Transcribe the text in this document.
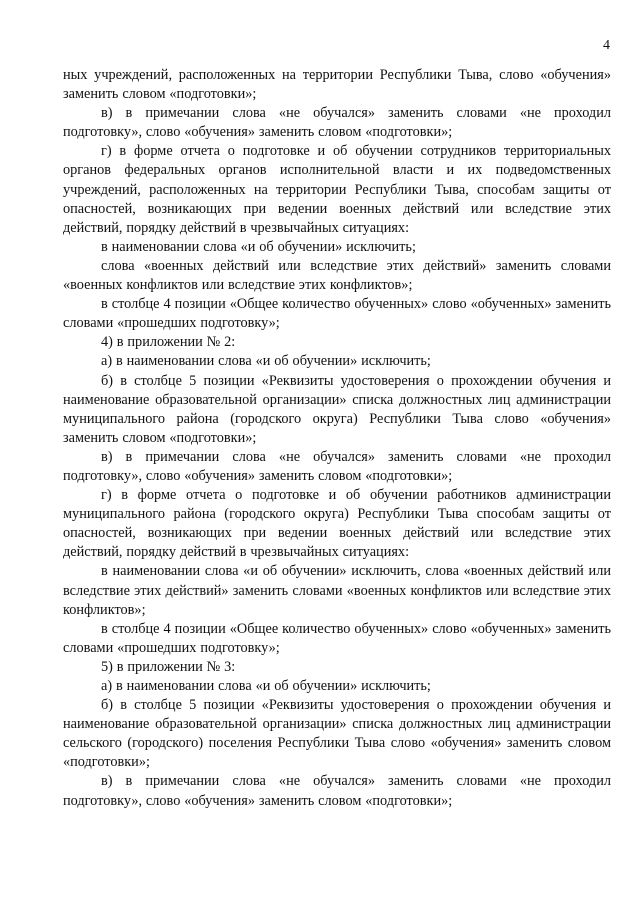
4

ных учреждений, расположенных на территории Республики Тыва, слово «обучения» заменить словом «подготовки»;

в) в примечании слова «не обучался» заменить словами «не проходил подготовку», слово «обучения» заменить словом «подготовки»;

г) в форме отчета о подготовке и об обучении сотрудников территориальных органов федеральных органов исполнительной власти и их подведомственных учреждений, расположенных на территории Республики Тыва, способам защиты от опасностей, возникающих при ведении военных действий или вследствие этих действий, порядку действий в чрезвычайных ситуациях:

в наименовании слова «и об обучении» исключить;

слова «военных действий или вследствие этих действий» заменить словами «военных конфликтов или вследствие этих конфликтов»;

в столбце 4 позиции «Общее количество обученных» слово «обученных» заменить словами «прошедших подготовку»;

4) в приложении № 2:

а) в наименовании слова «и об обучении» исключить;

б) в столбце 5 позиции «Реквизиты удостоверения о прохождении обучения и наименование образовательной организации» списка должностных лиц администрации муниципального района (городского округа) Республики Тыва слово «обучения» заменить словом «подготовки»;

в) в примечании слова «не обучался» заменить словами «не проходил подготовку», слово «обучения» заменить словом «подготовки»;

г) в форме отчета о подготовке и об обучении работников администрации муниципального района (городского округа) Республики Тыва способам защиты от опасностей, возникающих при ведении военных действий или вследствие этих действий, порядку действий в чрезвычайных ситуациях:

в наименовании слова «и об обучении» исключить, слова «военных действий или вследствие этих действий» заменить словами «военных конфликтов или вследствие этих конфликтов»;

в столбце 4 позиции «Общее количество обученных» слово «обученных» заменить словами «прошедших подготовку»;

5) в приложении № 3:

а) в наименовании слова «и об обучении» исключить;

б) в столбце 5 позиции «Реквизиты удостоверения о прохождении обучения и наименование образовательной организации» списка должностных лиц администрации сельского (городского) поселения Республики Тыва слово «обучения» заменить словом «подготовки»;

в) в примечании слова «не обучался» заменить словами «не проходил подготовку», слово «обучения» заменить словом «подготовки»;
